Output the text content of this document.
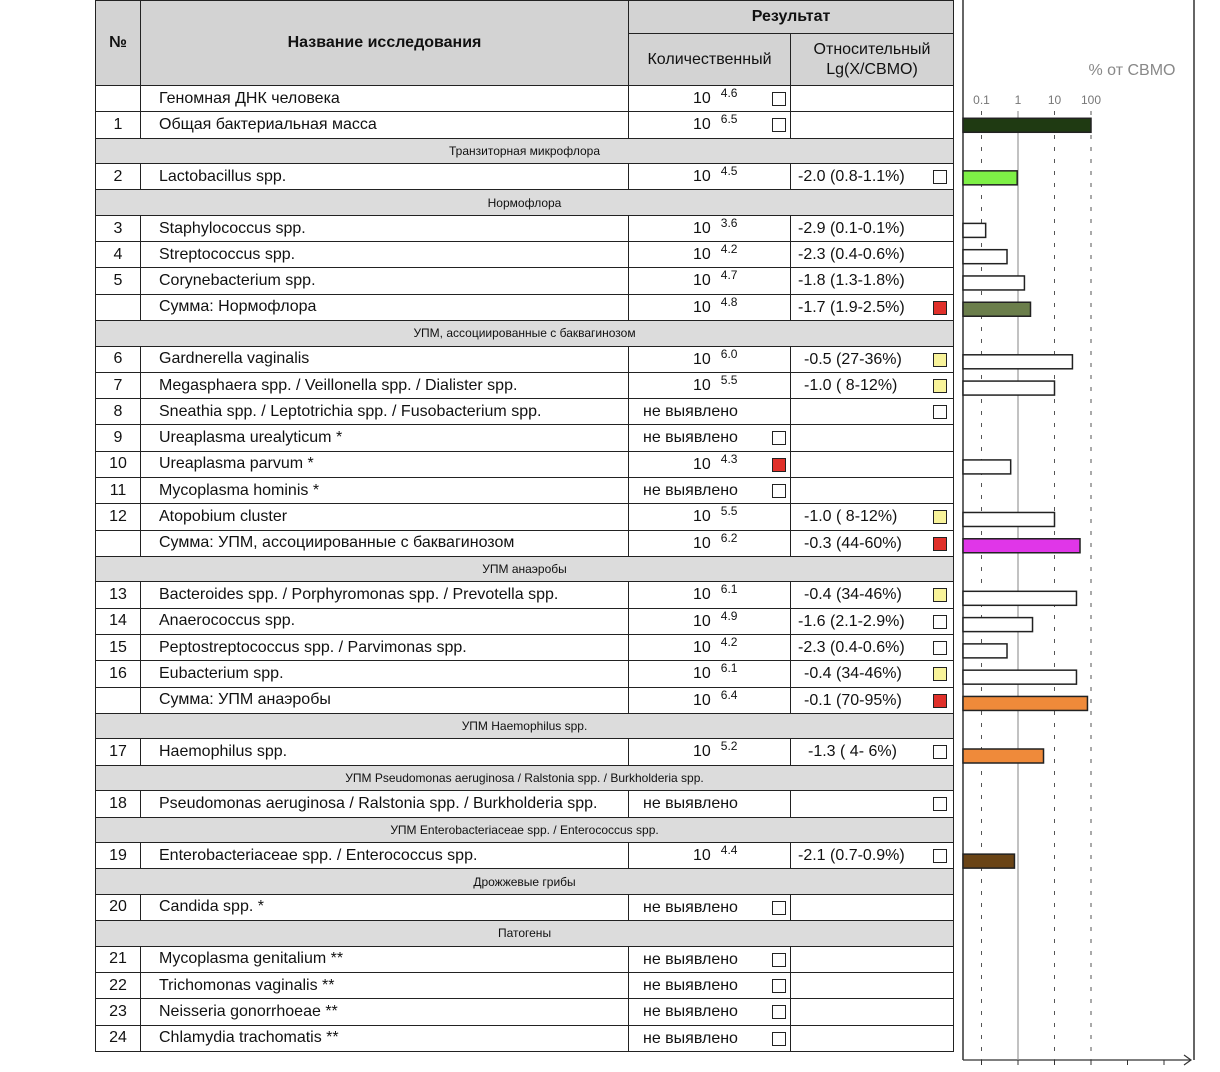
№	Название исследования	Результат	
		Количественный	Относительный
Lg(X/СВМО)
	Геномная ДНК человека	10 $^{4.6}$

1	Общая бактериальная масса	10 $^{6.5}$

Транзиторная микрофлора			
2	Lactobacillus spp.	10 $^{4.5}$	-2.0 (0.8-1.1%)

Нормофлора			
3	Staphylococcus spp.	10 $^{3.6}$	-2.9 (0.1-0.1%)

4	Streptococcus spp.	10 $^{4.2}$	-2.3 (0.4-0.6%)

5	Corynebacterium spp.	10 $^{4.7}$	-1.8 (1.3-1.8%)

	Сумма: Нормофлора	10 $^{4.8}$	-1.7 (1.9-2.5%)

УПМ, ассоциированные с баквагинозом			
6	Gardnerella vaginalis	10 $^{6.0}$	-0.5 (27-36%)

7	Megasphaera spp. / Veillonella spp. / Dialister spp.	10 $^{5.5}$	-1.0 ( 8-12%)

8	Sneathia spp. / Leptotrichia spp. / Fusobacterium spp.	не выявлено	

9	Ureaplasma urealyticum *	не выявлено	

10	Ureaplasma parvum *	10 $^{4.3}$

11	Mycoplasma hominis *	не выявлено	

12	Atopobium cluster	10 $^{5.5}$	-1.0 ( 8-12%)

	Сумма: УПМ, ассоциированные с баквагинозом	10 $^{6.2}$	-0.3 (44-60%)

УПМ анаэробы			
13	Bacteroides spp. / Porphyromonas spp. / Prevotella spp.	10 $^{6.1}$	-0.4 (34-46%)

14	Anaerococcus spp.	10 $^{4.9}$	-1.6 (2.1-2.9%)

15	Peptostreptococcus spp. / Parvimonas spp.	10 $^{4.2}$	-2.3 (0.4-0.6%)

16	Eubacterium spp.	10 $^{6.1}$	-0.4 (34-46%)

	Сумма: УПМ анаэробы	10 $^{6.4}$	-0.1 (70-95%)

УПМ Haemophilus spp.			
17	Haemophilus spp.	10 $^{5.2}$	-1.3 ( 4- 6%)

УПМ Pseudomonas aeruginosa / Ralstonia spp. / Burkholderia spp.			
18	Pseudomonas aeruginosa / Ralstonia spp. / Burkholderia spp.	не выявлено	

УПМ Enterobacteriaceae spp. / Enterococcus spp.			
19	Enterobacteriaceae spp. / Enterococcus spp.	10 $^{4.4}$	-2.1 (0.7-0.9%)

Дрожжевые грибы			
20	Candida spp. *	не выявлено	

Патогены			
21	Mycoplasma genitalium **	не выявлено	

22	Trichomonas vaginalis **	не выявлено	

23	Neisseria gonorrhoeae **	не выявлено	

24	Chlamydia trachomatis **	не выявлено	

% от СВМО
0.1 1 10 100
